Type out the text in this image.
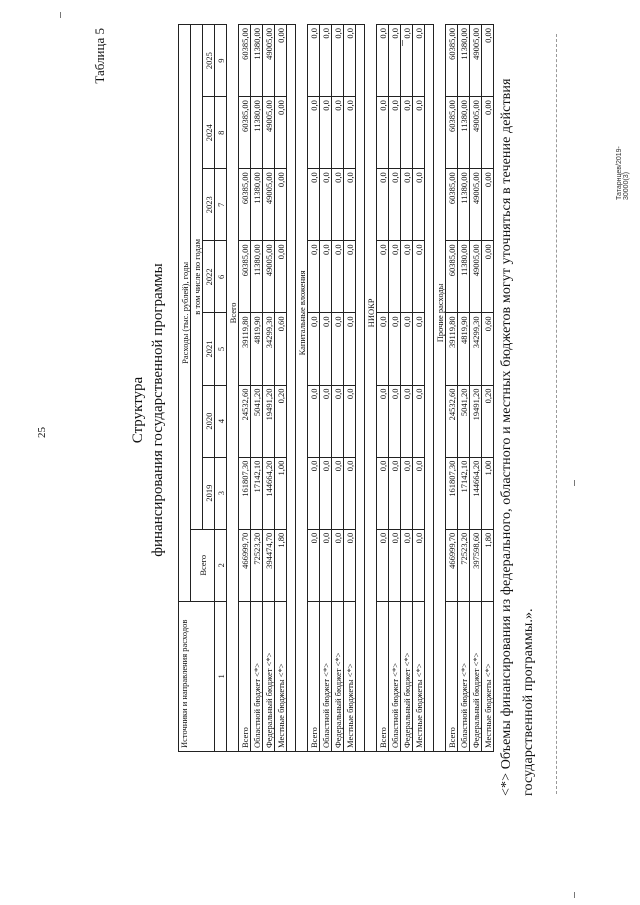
25
Татарнцев/2019-30000(3)
Таблица 5
Структура финансирования государственной программы
Источники и направления расходов	Расходы (тыс. рублей), годы							
	Всего	в том числе по годам						
		2019	2020	2021	2022	2023	2024	2025
1	2	3	4	5	6	7	8	9
	Всего							
Всего	466999,70	161807,30	24532,60	39119,80	60385,00	60385,00	60385,00	60385,00
Областной бюджет <*>	72523,20	17142,10	5041,20	4819,90	11380,00	11380,00	11380,00	11380,00
Федеральный бюджет <*>	394474,70	144664,20	19491,20	34299,30	49005,00	49005,00	49005,00	49005,00
Местные бюджеты <*>	1,80	1,00	0,20	0,60	0,00	0,00	0,00	0,00

	Капитальные вложения							
Всего	0,0	0,0	0,0	0,0	0,0	0,0	0,0	0,0
Областной бюджет <*>	0,0	0,0	0,0	0,0	0,0	0,0	0,0	0,0
Федеральный бюджет <*>	0,0	0,0	0,0	0,0	0,0	0,0	0,0	0,0
Местные бюджеты <*>	0,0	0,0	0,0	0,0	0,0	0,0	0,0	0,0

	НИОКР							
Всего	0,0	0,0	0,0	0,0	0,0	0,0	0,0	0,0
Областной бюджет <*>	0,0	0,0	0,0	0,0	0,0	0,0	0,0	0,0
Федеральный бюджет <*>	0,0	0,0	0,0	0,0	0,0	0,0	0,0	0,0
Местные бюджеты <*>	0,0	0,0	0,0	0,0	0,0	0,0	0,0	0,0

	Прочие расходы							
Всего	466999,70	161807,30	24532,60	39119,80	60385,00	60385,00	60385,00	60385,00
Областной бюджет <*>	72523,20	17142,10	5041,20	4819,90	11380,00	11380,00	11380,00	11380,00
Федеральный бюджет <*>	397598,60	144664,20	19491,20	34299,30	49005,00	49005,00	49005,00	49005,00
Местные бюджеты <*>	1,80	1,00	0,20	0,60	0,00	0,00	0,00	0,00
<*> Объемы финансирования из федерального, областного и местных бюджетов могут уточняться в течение действия государственной программы.».
